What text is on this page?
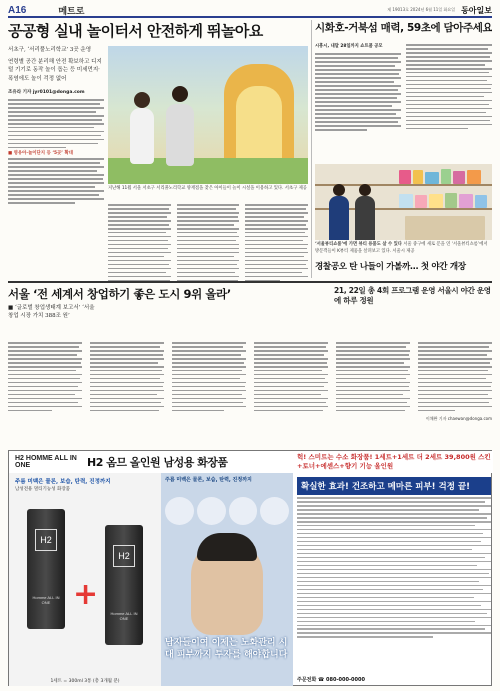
A16	메트로	제 19013호 2024년 6월 11일 화요일 동아일보
공공형 실내 놀이터서 안전하게 뛰놀아요
서초구, ‘서리풀노리학교’ 3곳 운영
연령별 공간 분리해 안전 확보하고 디지털 기기로 동작 놀이 돕는 등 미세먼지·폭염에도 놀이 걱정 없어
조유라 기자 jyr0101@donga.com
■ 영유아·놀이단지 등 ‘5곳’ 확대
지난해 11월 서울 서초구 서리풀노리학교 양재점을 찾은 아이들이 놀이 시설을 이용하고 있다. 서초구 제공
시화호-거북섬 매력, 59초에 담아주세요
시흥시, 내달 28일까지 쇼트폼 공모
‘서울뷰티쇼룸’에 가면 뷰티 용품도 살 수 있다 서울 중구에 새로 문을 연 ‘서울뷰티쇼룸’에서 방문객들이 K뷰티 제품을 살펴보고 있다. 서울시 제공
경찰공오 탄 나들이 가볼까… 첫 야간 개장
서울 ‘전 세계서 창업하기 좋은 도시 9위 올라’
■ ‘글로벌 창업생태계 보고서’ ‘서울 창업 시장 가치 388조 원’
이채완 기자 chaewan@donga.com
21, 22일 총 4회 프로그램 운영 서울시 야간 운영에 하루 정원
H2 HOMME ALL IN ONE	H2 옴므 올인원 남성용 화장품
주름 미백은 물론, 보습, 탄력, 진정까지
남성전용 멀티기능성 화장품
H2
Homme ALL IN ONE +
H2
Homme ALL IN ONE
1세트 = 300ml 3통 (총 3개월 분)
주름 미백은 물론, 보습, 탄력, 진정까지
남자들이여 이제는 노화관리 시대 피부까지 투자를 해야합니다
헉! 스미트는 수소 화장품! 1세트+1세트 더 2세트 39,800원 스킨+토너+에센스+향기 기능 올인원
확실한 효과! 건조하고 메마른 피부! 걱정 끝!
주문전화 ☎ 080-000-0000
